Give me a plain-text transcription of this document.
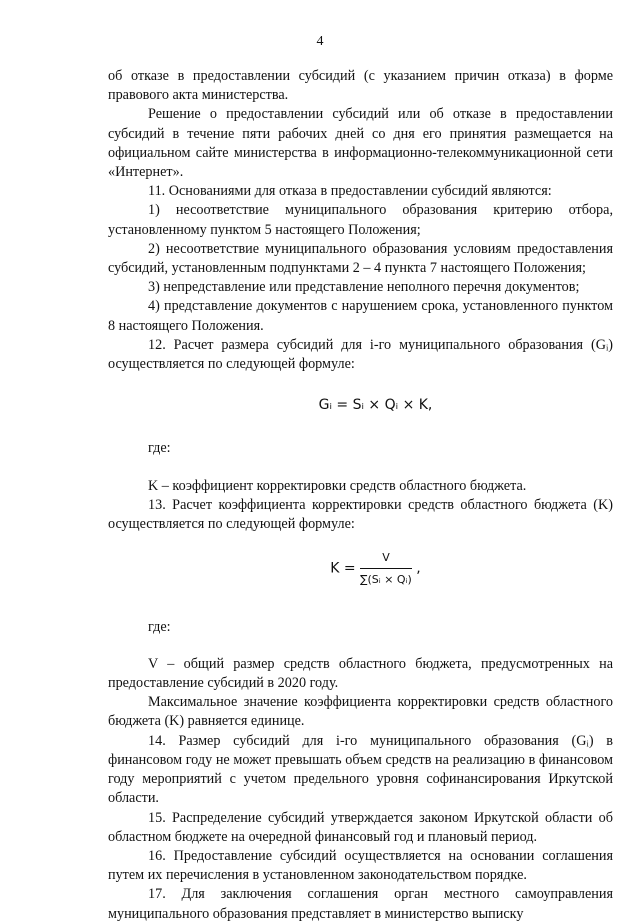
4

об отказе в предоставлении субсидий (с указанием причин отказа) в форме правового акта министерства.

Решение о предоставлении субсидий или об отказе в предоставлении субсидий в течение пяти рабочих дней со дня его принятия размещается на официальном сайте министерства в информационно-телекоммуникационной сети «Интернет».

11. Основаниями для отказа в предоставлении субсидий являются:

1) несоответствие муниципального образования критерию отбора, установленному пунктом 5 настоящего Положения;

2) несоответствие муниципального образования условиям предоставления субсидий, установленным подпунктами 2 – 4 пункта 7 настоящего Положения;

3) непредставление или представление неполного перечня документов;

4) представление документов с нарушением срока, установленного пунктом 8 настоящего Положения.

12. Расчет размера субсидий для i-го муниципального образования (Gᵢ) осуществляется по следующей формуле:

Gᵢ = Sᵢ × Qᵢ × K,

где:

K – коэффициент корректировки средств областного бюджета.

13. Расчет коэффициента корректировки средств областного бюджета (K) осуществляется по следующей формуле:

$K = \frac{V}{\text{∑(Sᵢ × Qᵢ)}}$ ,

где:

V – общий размер средств областного бюджета, предусмотренных на предоставление субсидий в 2020 году.

Максимальное значение коэффициента корректировки средств областного бюджета (K) равняется единице.

14. Размер субсидий для i-го муниципального образования (Gᵢ) в финансовом году не может превышать объем средств на реализацию в финансовом году мероприятий с учетом предельного уровня софинансирования Иркутской области.

15. Распределение субсидий утверждается законом Иркутской области об областном бюджете на очередной финансовый год и плановый период.

16. Предоставление субсидий осуществляется на основании соглашения путем их перечисления в установленном законодательством порядке.

17. Для заключения соглашения орган местного самоуправления муниципального образования представляет в министерство выписку
